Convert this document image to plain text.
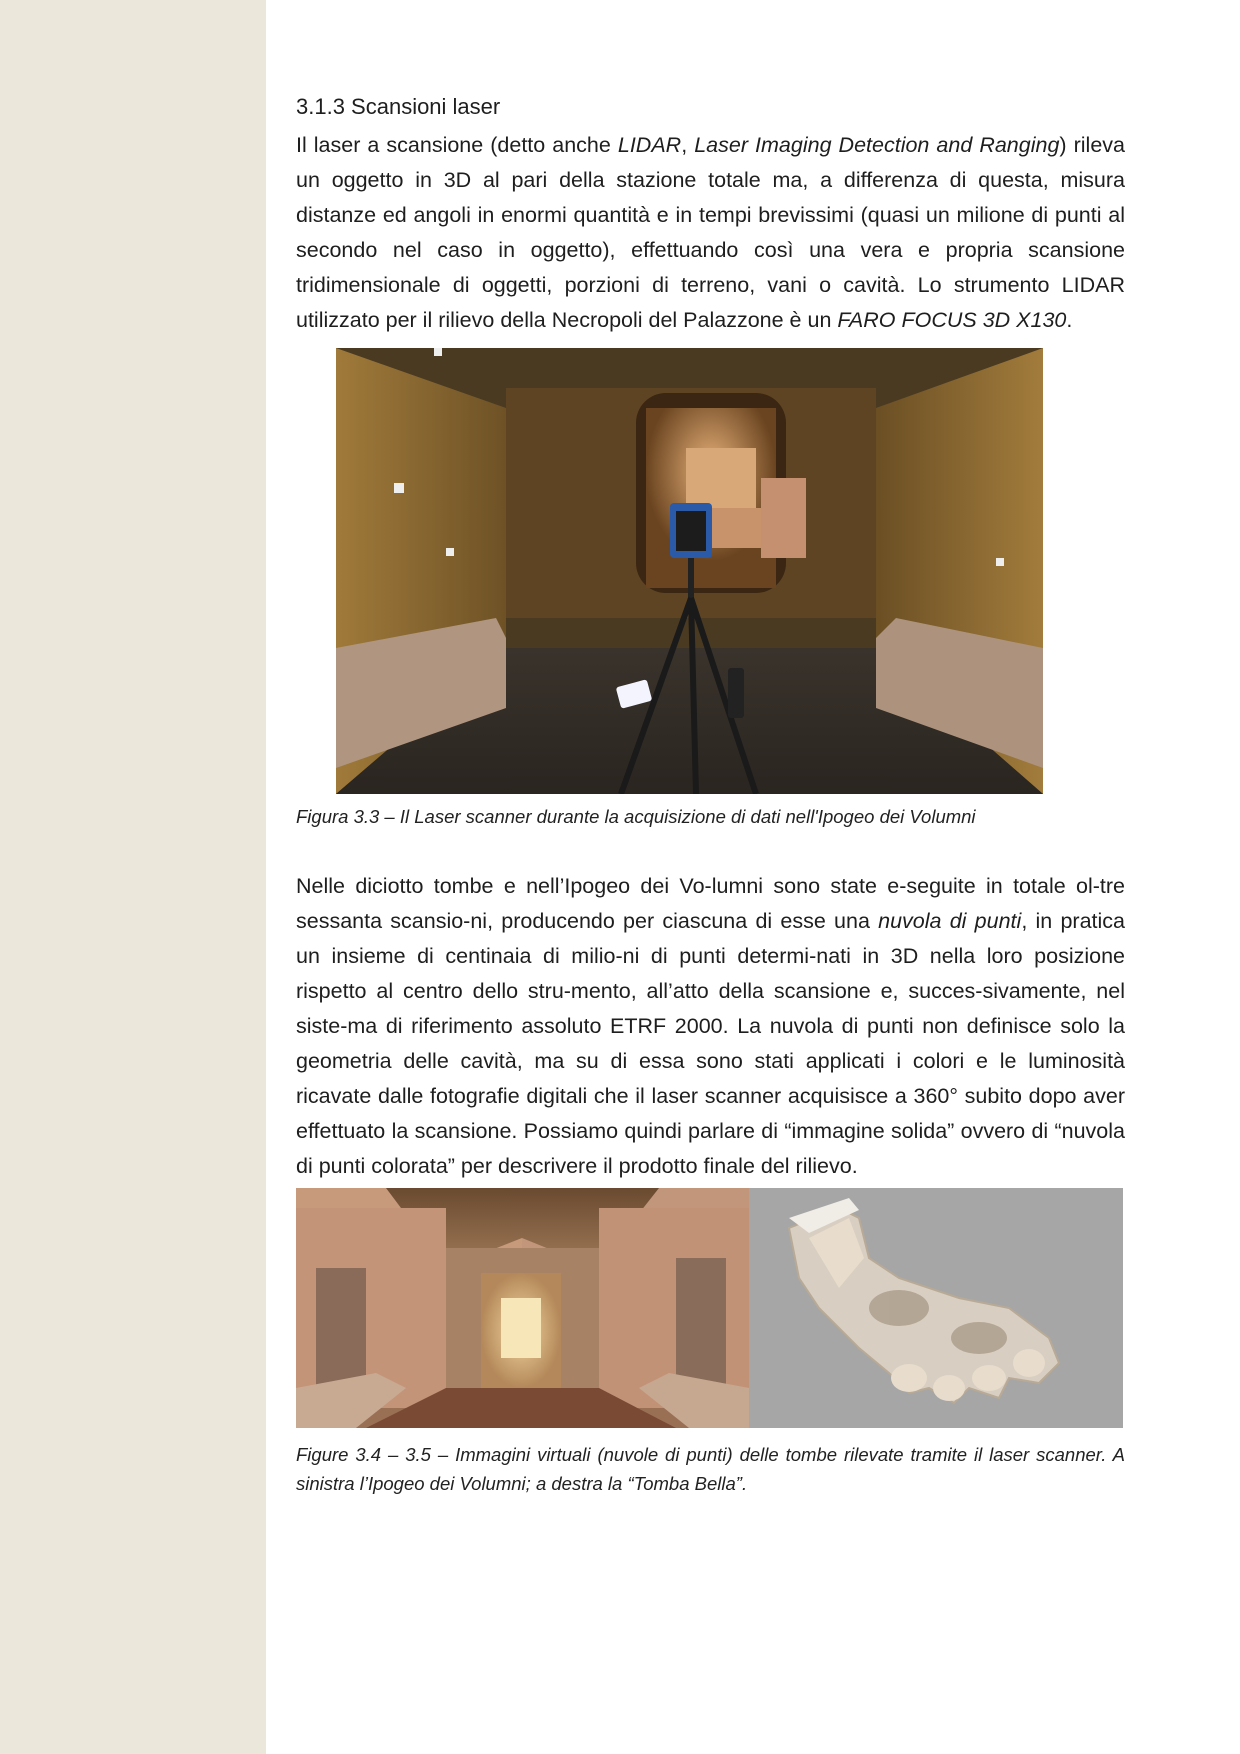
3.1.3 Scansioni laser

Il laser a scansione (detto anche LIDAR, Laser Imaging Detection and Ranging) rileva un oggetto in 3D al pari della stazione totale ma, a differenza di questa, misura distanze ed angoli in enormi quantità e in tempi brevissimi (quasi un milione di punti al secondo nel caso in oggetto), effettuando così una vera e propria scansione tridimensionale di oggetti, porzioni di terreno, vani o cavità. Lo strumento LIDAR utilizzato per il rilievo della Necropoli del Palazzone è un FARO FOCUS 3D X130.

Figura 3.3 – Il Laser scanner durante la acquisizione di dati nell'Ipogeo dei Volumni

Nelle diciotto tombe e nell’Ipogeo dei Vo-lumni sono state e-seguite in totale ol-tre sessanta scansio-ni, producendo per ciascuna di esse una nuvola di punti, in pratica un insieme di centinaia di milio-ni di punti determi-nati in 3D nella loro posizione rispetto al centro dello stru-mento, all’atto della scansione e, succes-sivamente, nel siste-ma di riferimento assoluto ETRF 2000. La nuvola di punti non definisce solo la geometria delle cavità, ma su di essa sono stati applicati i colori e le luminosità ricavate dalle fotografie digitali che il laser scanner acquisisce a 360° subito dopo aver effettuato la scansione. Possiamo quindi parlare di “immagine solida” ovvero di “nuvola di punti colorata” per descrivere il prodotto finale del rilievo.

Figure 3.4 – 3.5 – Immagini virtuali (nuvole di punti) delle tombe rilevate tramite il laser scanner. A sinistra l’Ipogeo dei Volumni; a destra la “Tomba Bella”.
